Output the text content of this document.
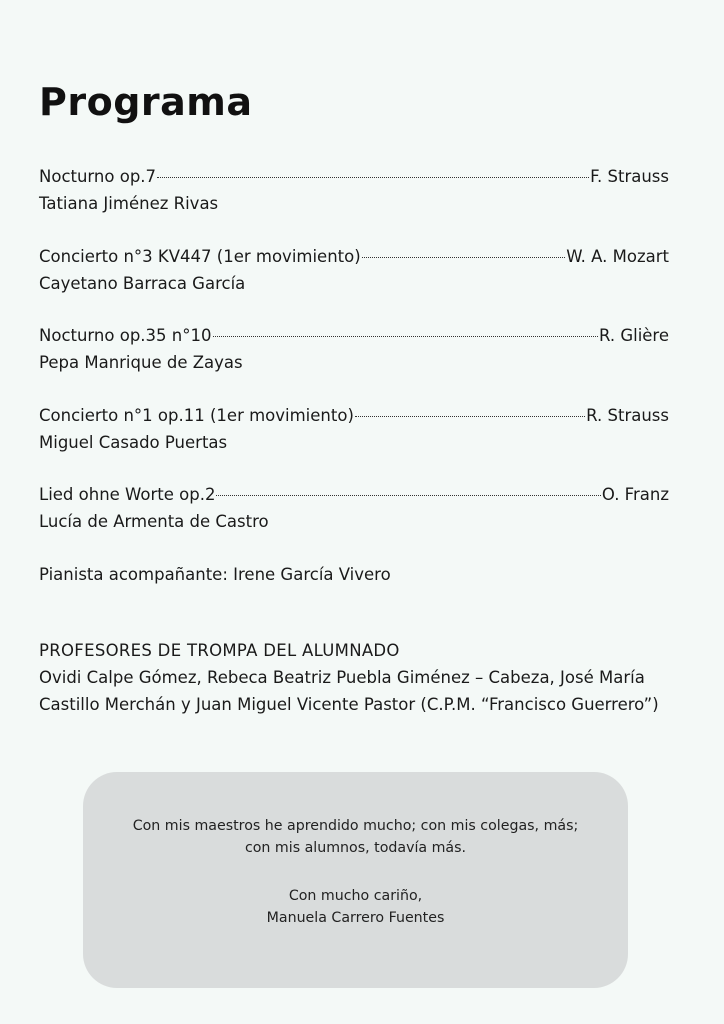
Programa
Nocturno op.7	F. Strauss
Tatiana Jiménez Rivas
Concierto n°3 KV447 (1er movimiento)	W. A. Mozart
Cayetano Barraca García
Nocturno op.35 n°10	R. Glière
Pepa Manrique de Zayas
Concierto n°1 op.11 (1er movimiento)	R. Strauss
Miguel Casado Puertas
Lied ohne Worte op.2	O. Franz
Lucía de Armenta de Castro
Pianista acompañante: Irene García Vivero
PROFESORES DE TROMPA DEL ALUMNADO

Ovidi Calpe Gómez, Rebeca Beatriz Puebla Giménez – Cabeza, José María Castillo Merchán y Juan Miguel Vicente Pastor (C.P.M. “Francisco Guerrero”)

Con mis maestros he aprendido mucho; con mis colegas, más;

con mis alumnos, todavía más.

Con mucho cariño,

Manuela Carrero Fuentes
